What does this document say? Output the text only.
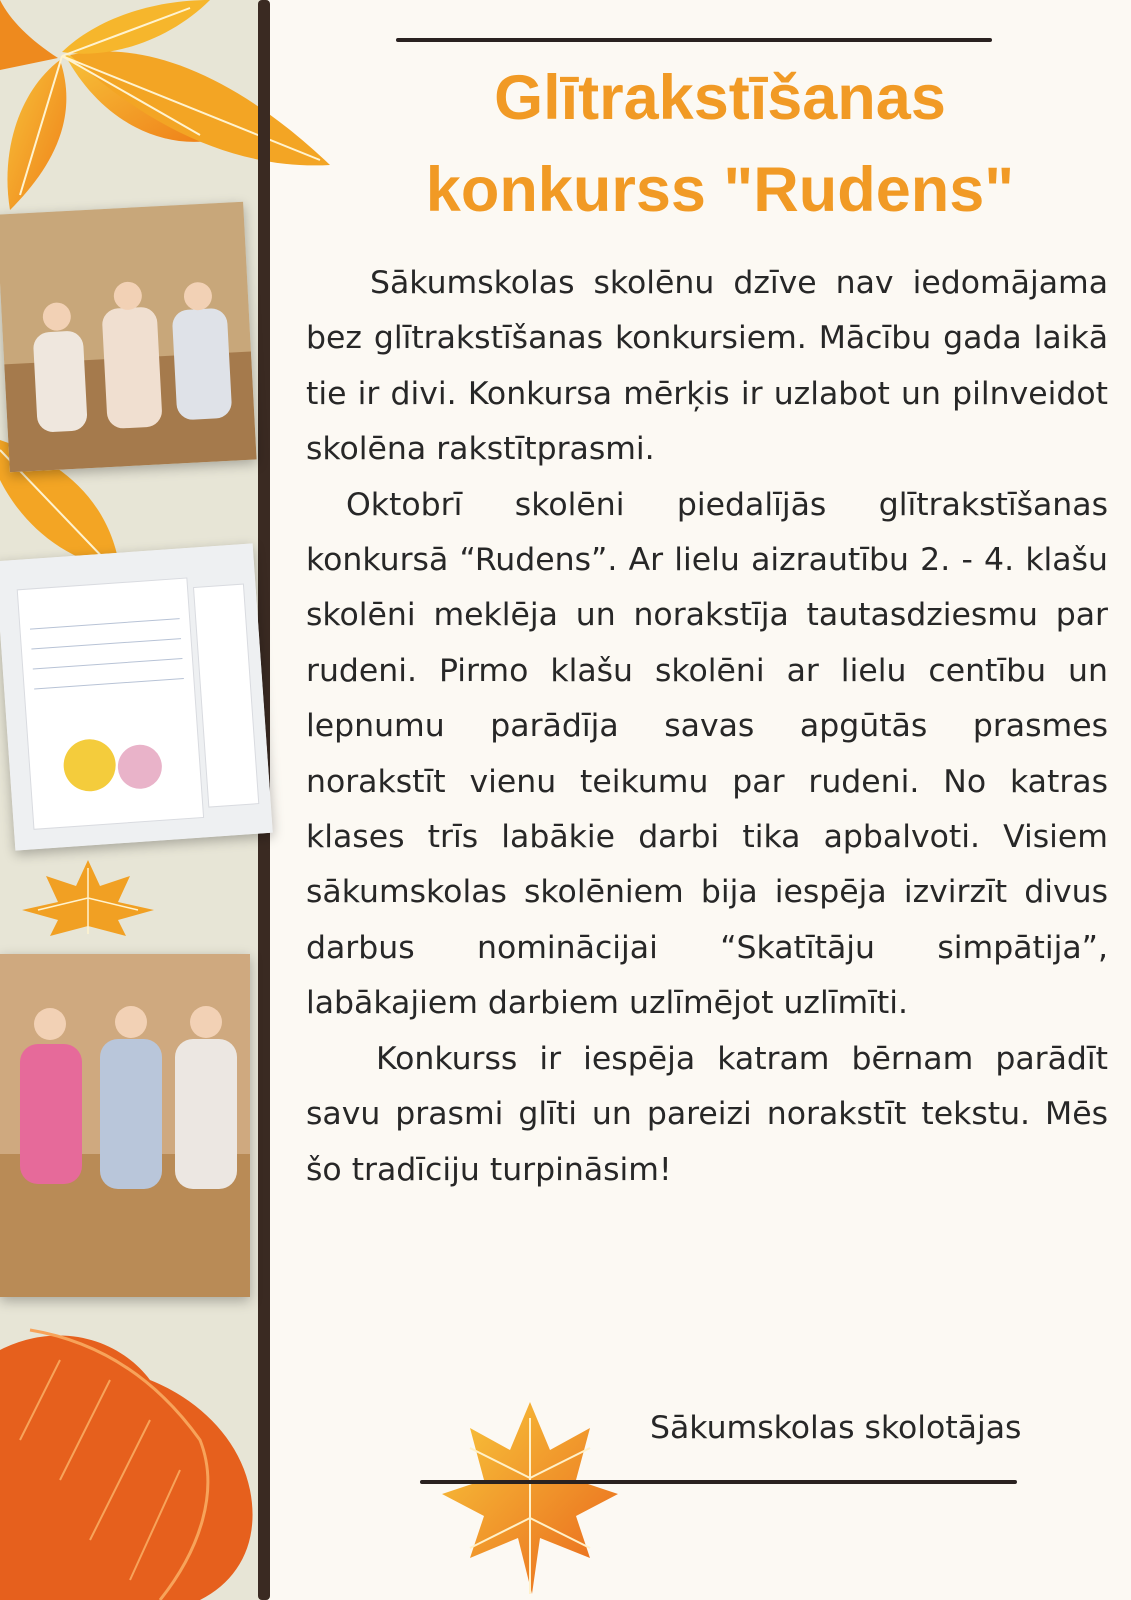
Glītrakstīšanas
konkurss "Rudens"

Sākumskolas skolēnu dzīve nav iedomājama bez glītrakstīšanas konkursiem. Mācību gada laikā tie ir divi. Konkursa mērķis ir uzlabot un pilnveidot skolēna rakstītprasmi.

Oktobrī skolēni piedalījās glītrakstīšanas konkursā “Rudens”. Ar lielu aizrautību 2. - 4. klašu skolēni meklēja un norakstīja tautasdziesmu par rudeni. Pirmo klašu skolēni ar lielu centību un lepnumu parādīja savas apgūtās prasmes norakstīt vienu teikumu par rudeni. No katras klases trīs labākie darbi tika apbalvoti. Visiem sākumskolas skolēniem bija iespēja izvirzīt divus darbus nominācijai “Skatītāju simpātija”, labākajiem darbiem uzlīmējot uzlīmīti.

Konkurss ir iespēja katram bērnam parādīt savu prasmi glīti un pareizi norakstīt tekstu. Mēs šo tradīciju turpināsim!

Sākumskolas skolotājas
